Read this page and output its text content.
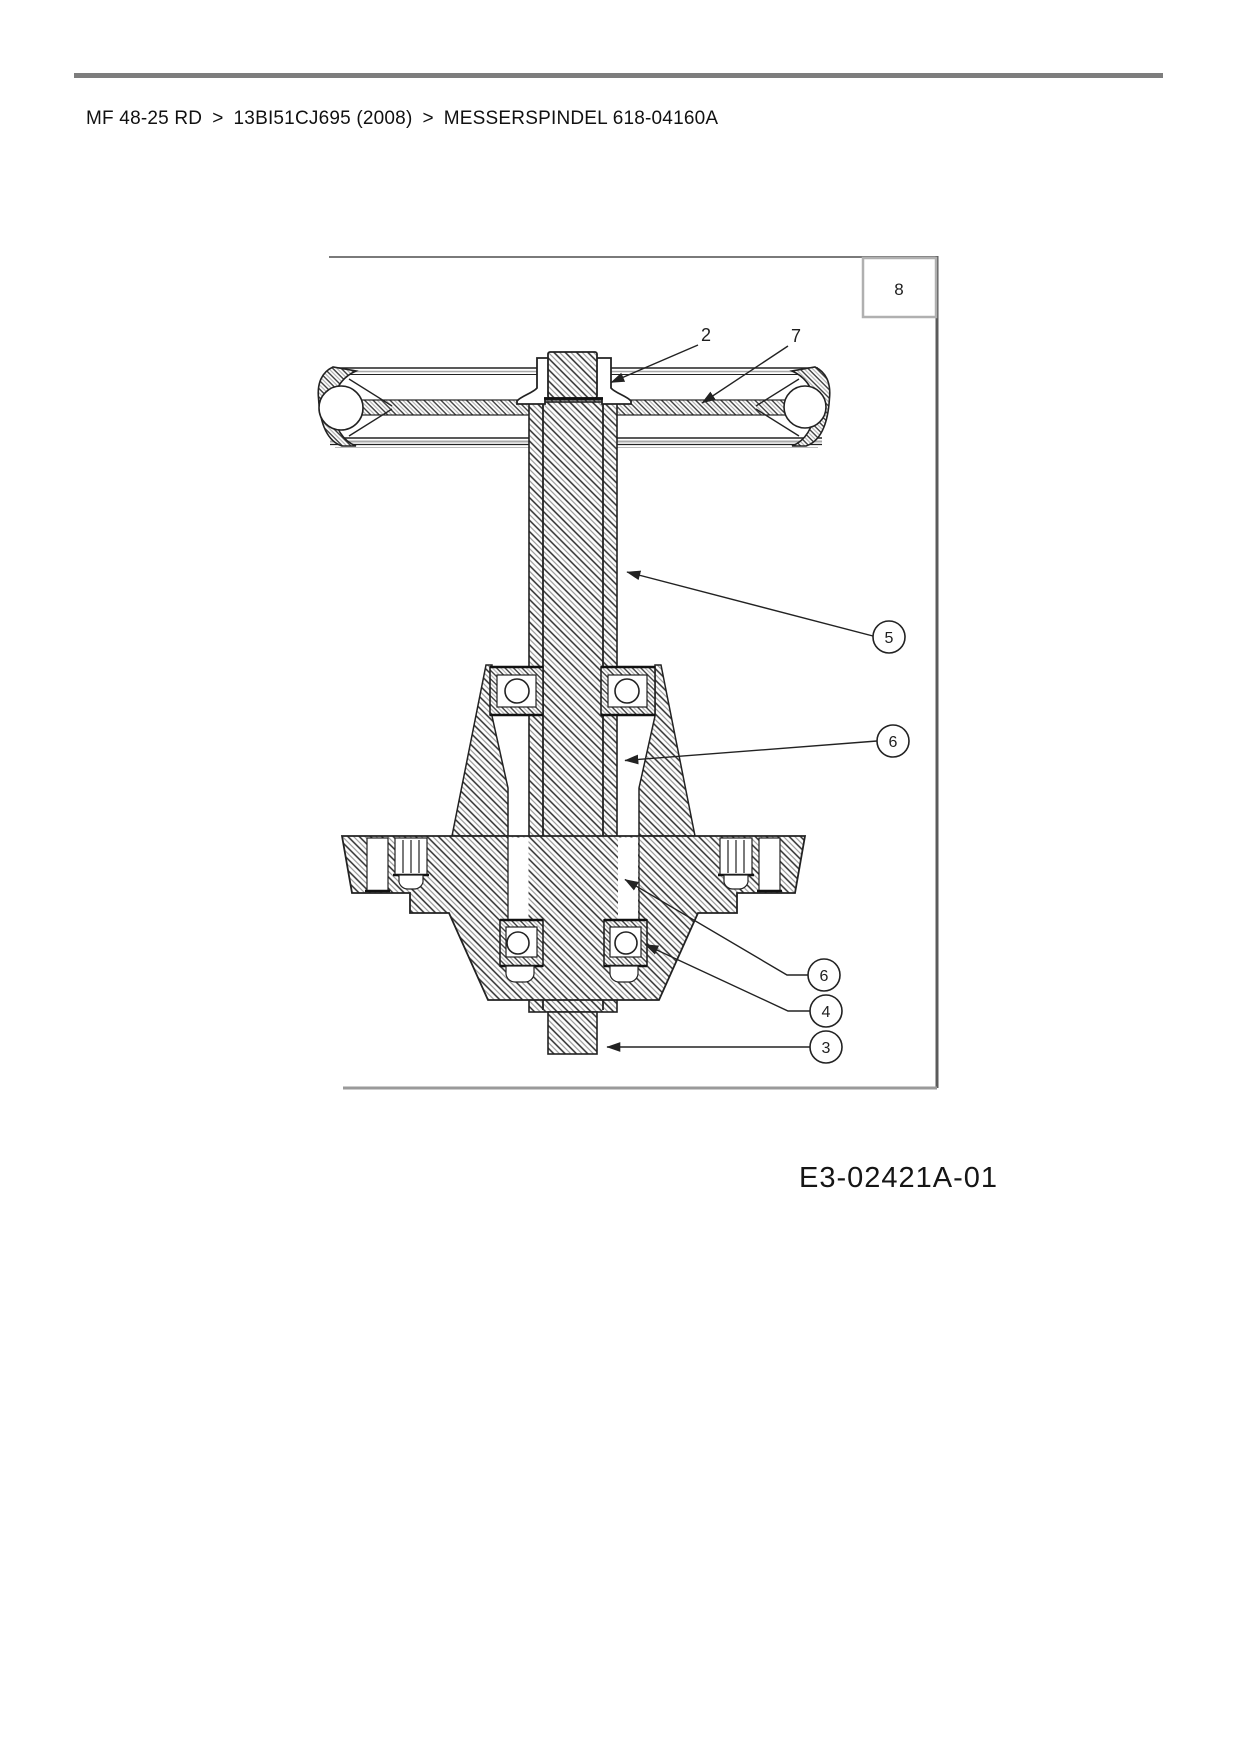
MF 48-25 RD > 13BI51CJ695 (2008) > MESSERSPINDEL 618-04160A
8
2	7
5
6
6
4
3
E3-02421A-01
